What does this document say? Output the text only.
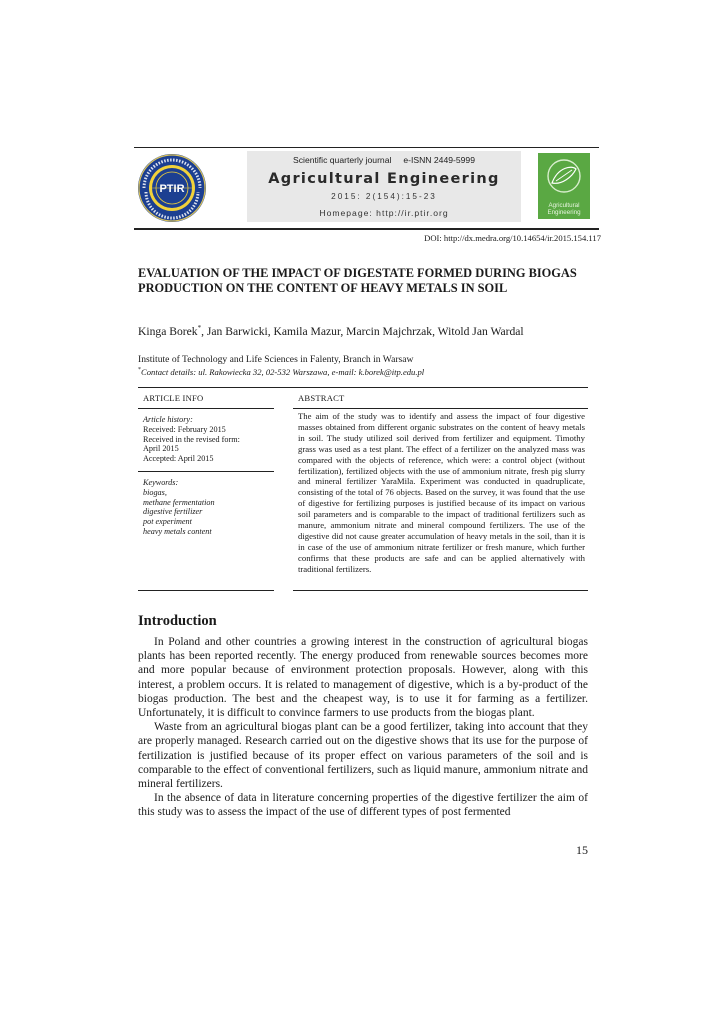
PTIR
Scientific quarterly journal     e-ISNN 2449-5999
Agricultural Engineering
2015: 2(154):15-23
Homepage: http://ir.ptir.org
Agricultural Engineering
DOI: http://dx.medra.org/10.14654/ir.2015.154.117
EVALUATION OF THE IMPACT OF DIGESTATE FORMED DURING BIOGAS PRODUCTION ON THE CONTENT OF HEAVY METALS IN SOIL
Kinga Borek*, Jan Barwicki, Kamila Mazur, Marcin Majchrzak, Witold Jan Wardal
Institute of Technology and Life Sciences in Falenty, Branch in Warsaw
*Contact details: ul. Rakowiecka 32, 02-532 Warszawa, e-mail: k.borek@itp.edu.pl
ARTICLE INFO	ABSTRACT
Article history:
Received: February 2015
Received in the revised form:
April 2015
Accepted: April 2015
Keywords:
biogas,
methane fermentation
digestive fertilizer
pot experiment
heavy metals content
The aim of the study was to identify and assess the impact of four digestive masses obtained from different organic substrates on the content of heavy metals in soil. The study utilized soil derived from fertilizer and equipment. Timothy grass was used as a test plant. The effect of a fertilizer on the analyzed mass was compared with the objects of reference, which were: a control object (without fertilization), fertilized objects with the use of ammonium nitrate, fresh pig slurry and mineral fertilizer YaraMila. Experiment was conducted in quadruplicate, consisting of the total of 76 objects. Based on the survey, it was found that the use of digestive for fertilizing purposes is justified because of its impact on various soil parameters and is comparable to the impact of traditional fertilizers such as manure, ammonium nitrate and mineral compound fertilizers. The use of the digestive did not cause greater accumulation of heavy metals in the soil, than it is in case of the use of ammonium nitrate fertilizer or fresh manure, which further confirms that these products are safe and can be applied alternatively with traditional fertilizers.
Introduction

In Poland and other countries a growing interest in the construction of agricultural biogas plants has been reported recently. The energy produced from renewable sources becomes more and more popular because of environment protection proposals. However, along with this interest, a problem occurs. It is related to management of digestive, which is a by-product of the biogas production. The best and the cheapest way, is to use it for farming as a fertilizer. Unfortunately, it is difficult to convince farmers to use products from the biogas plant.

Waste from an agricultural biogas plant can be a good fertilizer, taking into account that they are properly managed. Research carried out on the digestive shows that its use for the purpose of fertilization is justified because of its proper effect on various parameters of the soil and is comparable to the effect of conventional fertilizers, such as liquid manure, ammonium nitrate and mineral fertilizers.

In the absence of data in literature concerning properties of the digestive fertilizer the aim of this study was to assess the impact of the use of different types of post fermented

15
